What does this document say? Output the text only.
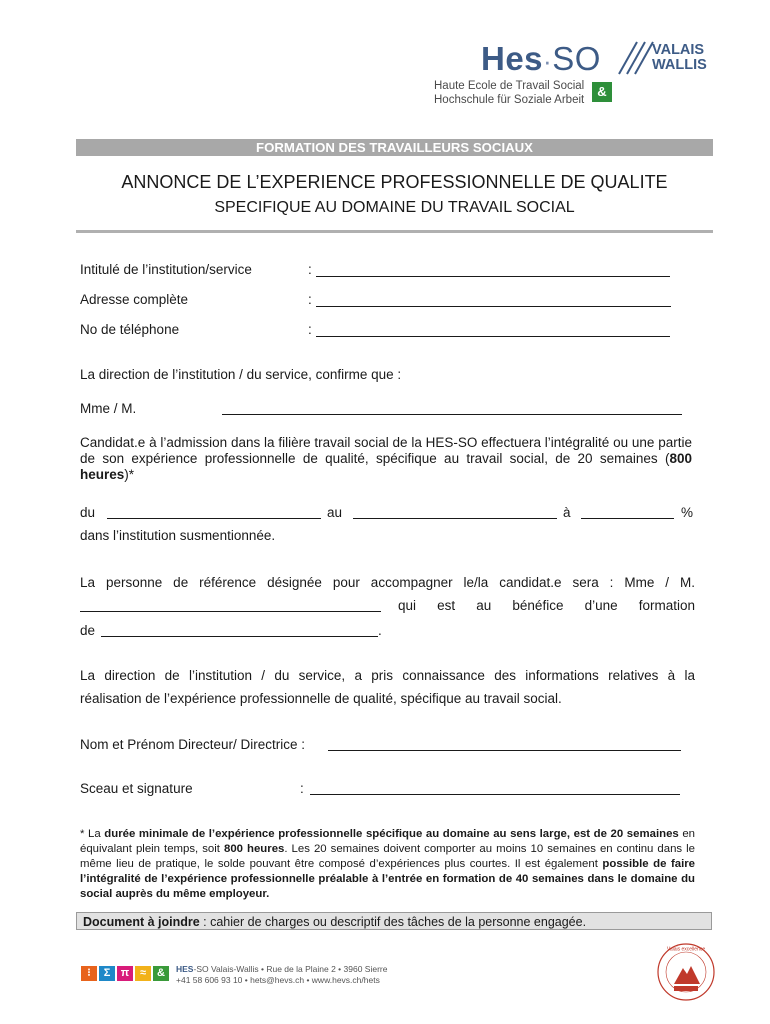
Hes·SO	VALAIS
WALLIS
Haute Ecole de Travail Social
Hochschule für Soziale Arbeit
&
FORMATION DES TRAVAILLEURS SOCIAUX
ANNONCE DE L’EXPERIENCE PROFESSIONNELLE DE QUALITE
SPECIFIQUE AU DOMAINE DU TRAVAIL SOCIAL
Intitulé de l’institution/service	:
Adresse complète	:
No de téléphone	:
La direction de l’institution / du service, confirme que :
Mme / M.
Candidat.e à l’admission dans la filière travail social de la HES-SO effectuera l’intégralité ou une partie de son expérience professionnelle de qualité, spécifique au travail social, de 20 semaines (800 heures)*
du	au	à	%
dans l’institution susmentionnée.
La personne de référence désignée pour accompagner le/la candidat.e sera : Mme / M.
qui est au bénéfice d’une formation
de	.
La direction de l’institution / du service, a pris connaissance des informations relatives à la
réalisation de l’expérience professionnelle de qualité, spécifique au travail social.
Nom et Prénom Directeur/ Directrice :
Sceau et signature	:
* La durée minimale de l’expérience professionnelle spécifique au domaine au sens large, est de 20 semaines en équivalant plein temps, soit 800 heures. Les 20 semaines doivent comporter au moins 10 semaines en continu dans le même lieu de pratique, le solde pouvant être composé d’expériences plus courtes. Il est également possible de faire l’intégralité de l’expérience professionnelle préalable à l’entrée en formation de 40 semaines dans le domaine du social auprès du même employeur.
Document à joindre : cahier de charges ou descriptif des tâches de la personne engagée.
⁝	Σ π ≈	&	HES-SO Valais-Wallis • Rue de la Plaine 2 • 3960 Sierre
+41 58 606 93 10 • hets@hevs.ch • www.hevs.ch/hets
Valais excellence
